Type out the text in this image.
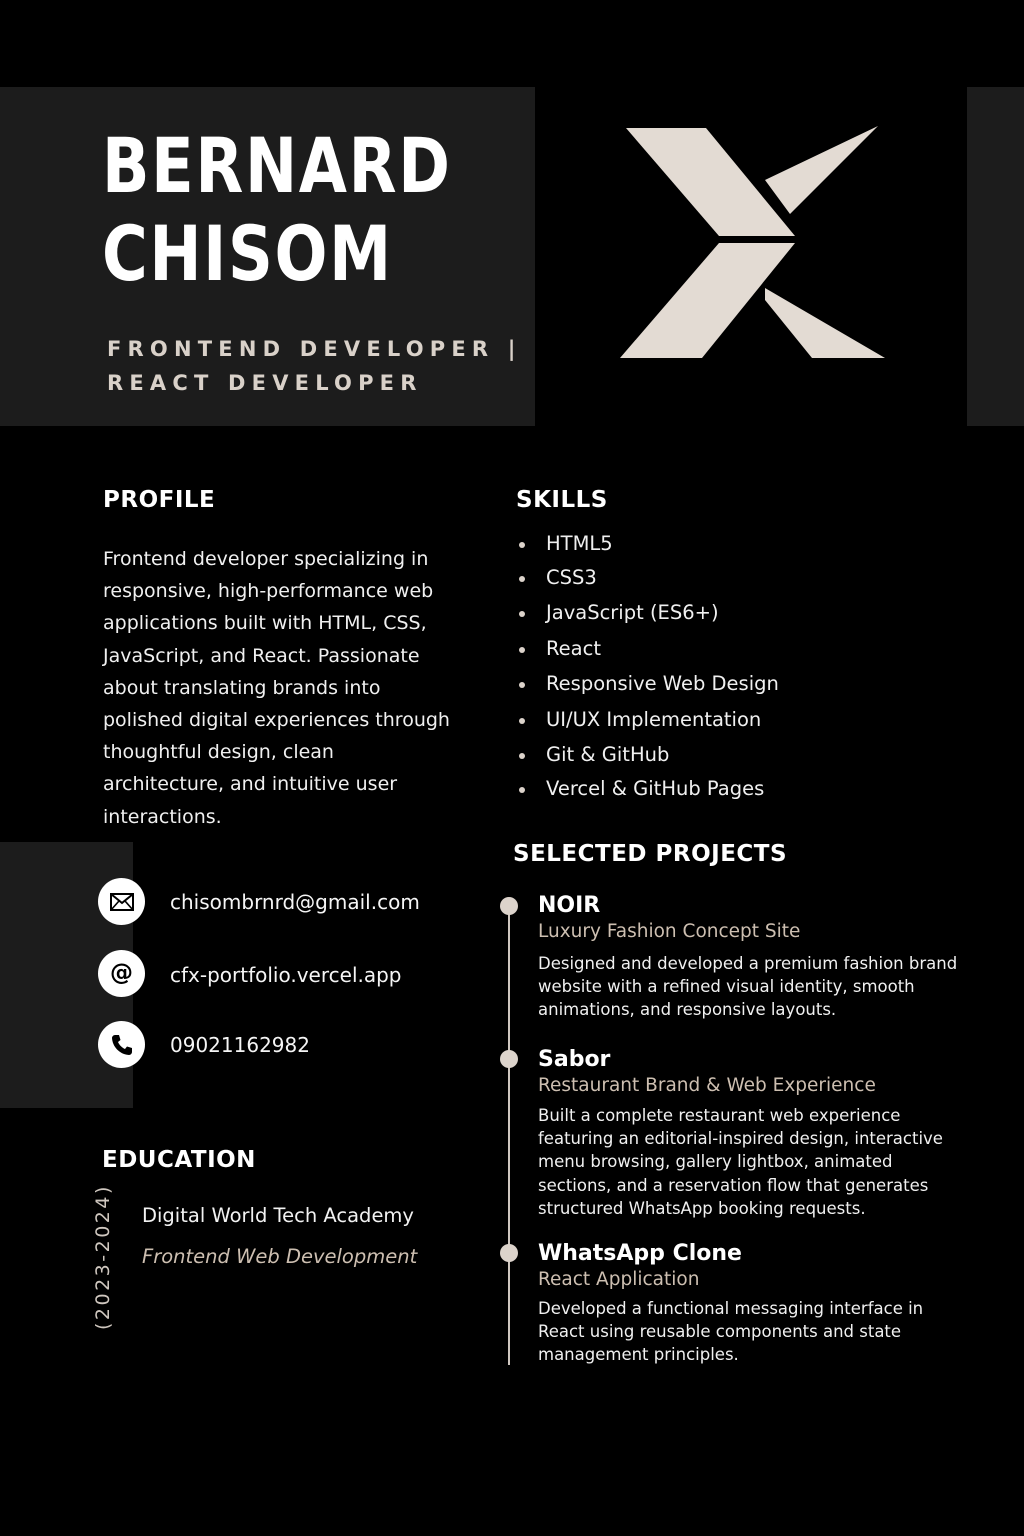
BERNARD
CHISOM
FRONTEND DEVELOPER |
REACT DEVELOPER
PROFILE

Frontend developer specializing in responsive, high-performance web applications built with HTML, CSS, JavaScript, and React. Passionate about translating brands into polished digital experiences through thoughtful design, clean architecture, and intuitive user interactions.

SKILLS
HTML5
CSS3
JavaScript (ES6+)
React
Responsive Web Design
UI/UX Implementation
Git & GitHub
Vercel & GitHub Pages
chisombrnrd@gmail.com
@ cfx-portfolio.vercel.app
09021162982
EDUCATION
(2023-2024) Digital World Tech Academy
Frontend Web Development
SELECTED PROJECTS
NOIR
Luxury Fashion Concept Site

Designed and developed a premium fashion brand website with a refined visual identity, smooth animations, and responsive layouts.

Sabor
Restaurant Brand & Web Experience

Built a complete restaurant web experience featuring an editorial-inspired design, interactive menu browsing, gallery lightbox, animated sections, and a reservation flow that generates structured WhatsApp booking requests.

WhatsApp Clone
React Application

Developed a functional messaging interface in React using reusable components and state management principles.
